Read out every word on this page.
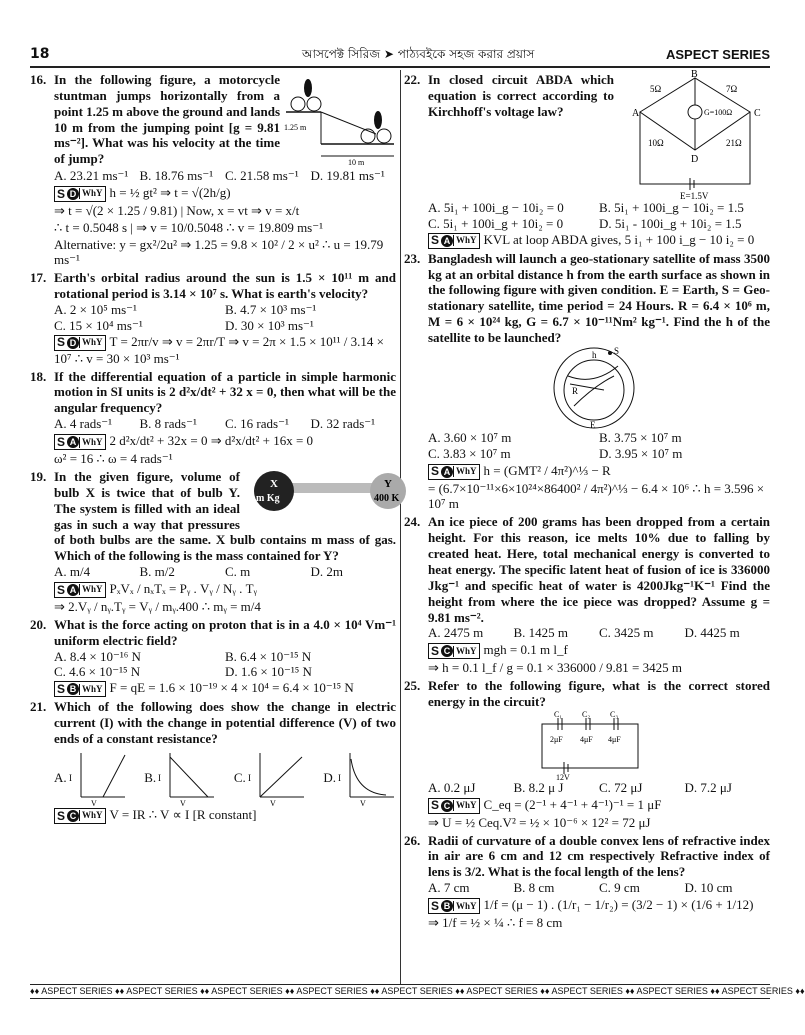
18	আসপেক্ট সিরিজ ➤ পাঠ্যবইকে সহজ করার প্রয়াস	ASPECT SERIES
1.25 m
10 m
16. In the following figure, a motorcycle stuntman jumps horizontally from a point 1.25 m above the ground and lands 10 m from the jumping point [g = 9.81 ms⁻²]. What was his velocity at the time of jump?
A. 23.21 ms⁻¹ B. 18.76 ms⁻¹ C. 21.58 ms⁻¹ D. 19.81 ms⁻¹
S D WhY h = ½ gt² ⇒ t = √(2h/g)
⇒ t = √(2 × 1.25 / 9.81) | Now, x = vt ⇒ v = x/t
∴ t = 0.5048 s | ⇒ v = 10/0.5048 ∴ v = 19.809 ms⁻¹
Alternative: y = gx²/2u² ⇒ 1.25 = 9.8 × 10² / 2 × u² ∴ u = 19.79 ms⁻¹
17. Earth's orbital radius around the sun is 1.5 × 10¹¹ m and rotational period is 3.14 × 10⁷ s. What is earth's velocity?
A. 2 × 10⁵ ms⁻¹	B. 4.7 × 10³ ms⁻¹
C. 15 × 10⁴ ms⁻¹	D. 30 × 10³ ms⁻¹
S D WhY T = 2πr/v ⇒ v = 2πr/T ⇒ v = 2π × 1.5 × 10¹¹ / 3.14 × 10⁷ ∴ v = 30 × 10³ ms⁻¹
18. If the differential equation of a particle in simple harmonic motion in SI units is 2 d²x/dt² + 32 x = 0, then what will be the angular frequency?
A. 4 rads⁻¹	B. 8 rads⁻¹	C. 16 rads⁻¹	D. 32 rads⁻¹
S A WhY 2 d²x/dt² + 32x = 0 ⇒ d²x/dt² + 16x = 0
ω² = 16 ∴ ω = 4 rads⁻¹
X
m Kg
Y
400 K
19. In the given figure, volume of bulb X is twice that of bulb Y. The system is filled with an ideal gas in such a way that pressures of both bulbs are the same. X bulb contains m mass of gas. Which of the following is the mass contained for Y?
A. m/4	B. m/2	C. m	D. 2m
S A WhY PₓVₓ / nₓTₓ = Pᵧ . Vᵧ / Nᵧ . Tᵧ
⇒ 2.Vᵧ / nᵧ.Tᵧ = Vᵧ / mᵧ.400 ∴ mᵧ = m/4
20. What is the force acting on proton that is in a 4.0 × 10⁴ Vm⁻¹ uniform electric field?
A. 8.4 × 10⁻¹⁶ N	B. 6.4 × 10⁻¹⁵ N
C. 4.6 × 10⁻¹⁵ N	D. 1.6 × 10⁻¹⁵ N
S B WhY F = qE = 1.6 × 10⁻¹⁹ × 4 × 10⁴ = 6.4 × 10⁻¹⁵ N
21. Which of the following does show the change in electric current (I) with the change in potential difference (V) of two ends of a constant resistance?
A. I
V
B. I
V
C. I
V
D. I
V
S C WhY V = IR ∴ V ∝ I [R constant]
A
B
C
D
5Ω	7Ω
10Ω	21Ω
G=100Ω
E=1.5V
22. In closed circuit ABDA which equation is correct according to Kirchhoff's voltage law?
A. 5i₁ + 100i_g − 10i₂ = 0	B. 5i₁ + 100i_g − 10i₂ = 1.5
C. 5i₁ + 100i_g + 10i₂ = 0	D. 5i₁ - 100i_g + 10i₂ = 1.5
S A WhY KVL at loop ABDA gives, 5 i₁ + 100 i_g − 10 i₂ = 0
23. Bangladesh will launch a geo-stationary satellite of mass 3500 kg at an orbital distance h from the earth surface as shown in the following figure with given condition. E = Earth, S = Geo-stationary satellite, time period = 24 Hours. R = 6.4 × 10⁶ m, M = 6 × 10²⁴ kg, G = 6.7 × 10⁻¹¹Nm² kg⁻¹. Find the h of the satellite to be launched?
h S
R
E
A. 3.60 × 10⁷ m	B. 3.75 × 10⁷ m
C. 3.83 × 10⁷ m	D. 3.95 × 10⁷ m
S A WhY h = (GMT² / 4π²)^⅓ − R
= (6.7×10⁻¹¹×6×10²⁴×86400² / 4π²)^⅓ − 6.4 × 10⁶ ∴ h = 3.596 × 10⁷ m
24. An ice piece of 200 grams has been dropped from a certain height. For this reason, ice melts 10% due to falling by created heat. Here, total mechanical energy is converted to heat energy. The specific latent heat of fusion of ice is 336000 Jkg⁻¹ and specific heat of water is 4200Jkg⁻¹K⁻¹ Find the height from where the ice piece was dropped? Assume g = 9.81 ms⁻².
A. 2475 m	B. 1425 m	C. 3425 m	D. 4425 m
S C WhY mgh = 0.1 m l_f
⇒ h = 0.1 l_f / g = 0.1 × 336000 / 9.81 = 3425 m
25. Refer to the following figure, what is the correct stored energy in the circuit?
C₁ C₂ C₃
2μF 4μF 4μF
12V
A. 0.2 μJ	B. 8.2 μ J	C. 72 μJ	D. 7.2 μJ
S C WhY C_eq = (2⁻¹ + 4⁻¹ + 4⁻¹)⁻¹ = 1 μF
⇒ U = ½ Ceq.V² = ½ × 10⁻⁶ × 12² = 72 μJ
26. Radii of curvature of a double convex lens of refractive index in air are 6 cm and 12 cm respectively Refractive index of lens is 3/2. What is the focal length of the lens?
A. 7 cm	B. 8 cm	C. 9 cm	D. 10 cm
S B WhY 1/f = (μ − 1) . (1/r₁ − 1/r₂) = (3/2 − 1) × (1/6 + 1/12)
⇒ 1/f = ½ × ¼ ∴ f = 8 cm
♦♦ ASPECT SERIES ♦♦ ASPECT SERIES ♦♦ ASPECT SERIES ♦♦ ASPECT SERIES ♦♦ ASPECT SERIES ♦♦ ASPECT SERIES ♦♦ ASPECT SERIES ♦♦ ASPECT SERIES ♦♦ ASPECT SERIES ♦♦
